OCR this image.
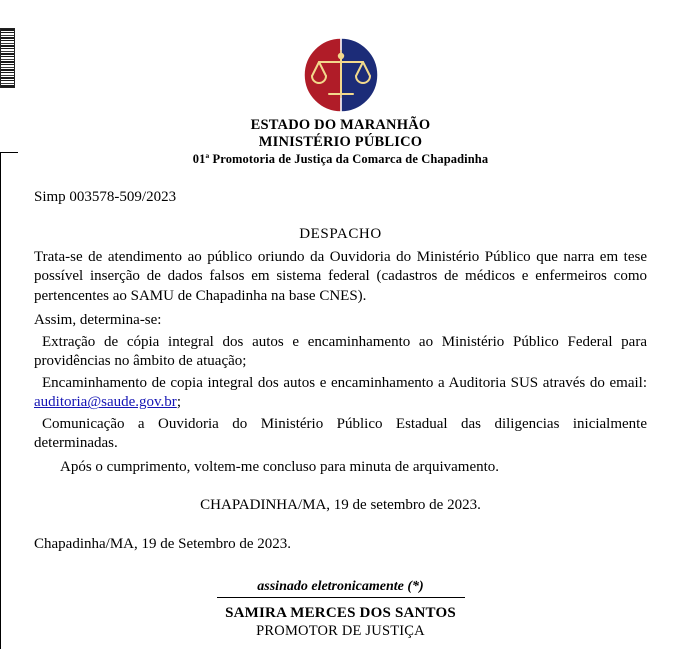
ESTADO DO MARANHÃO
MINISTÉRIO PÚBLICO
01ª Promotoria de Justiça da Comarca de Chapadinha
Simp 003578-509/2023
DESPACHO
Trata-se de atendimento ao público oriundo da Ouvidoria do Ministério Público que narra em tese possível inserção de dados falsos em sistema federal (cadastros de médicos e enfermeiros como pertencentes ao SAMU de Chapadinha na base CNES).
Assim, determina-se:
Extração de cópia integral dos autos e encaminhamento ao Ministério Público Federal para providências no âmbito de atuação;
Encaminhamento de copia integral dos autos e encaminhamento a Auditoria SUS através do email: auditoria@saude.gov.br;
Comunicação a Ouvidoria do Ministério Público Estadual das diligencias inicialmente determinadas.
Após o cumprimento, voltem-me concluso para minuta de arquivamento.
CHAPADINHA/MA, 19 de setembro de 2023.
Chapadinha/MA, 19 de Setembro de 2023.
assinado eletronicamente (*)
SAMIRA MERCES DOS SANTOS
PROMOTOR DE JUSTIÇA
